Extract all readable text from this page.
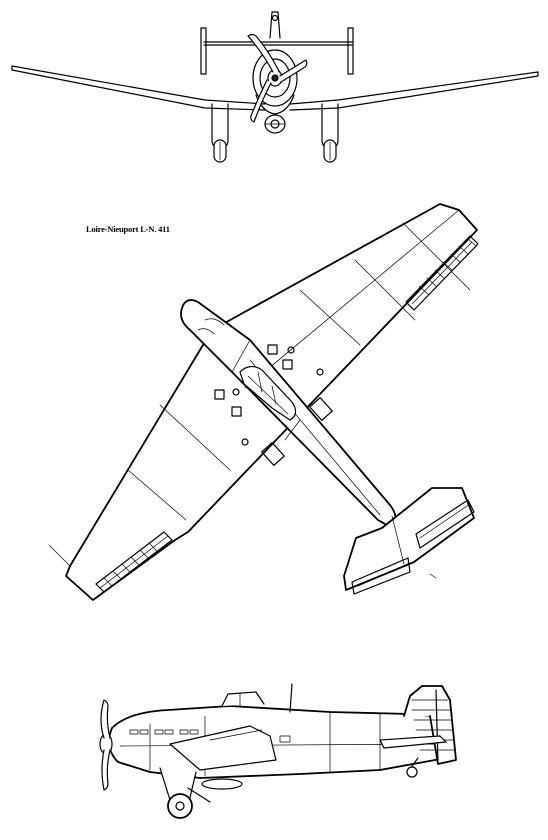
Loire-Nieuport L-N. 411
